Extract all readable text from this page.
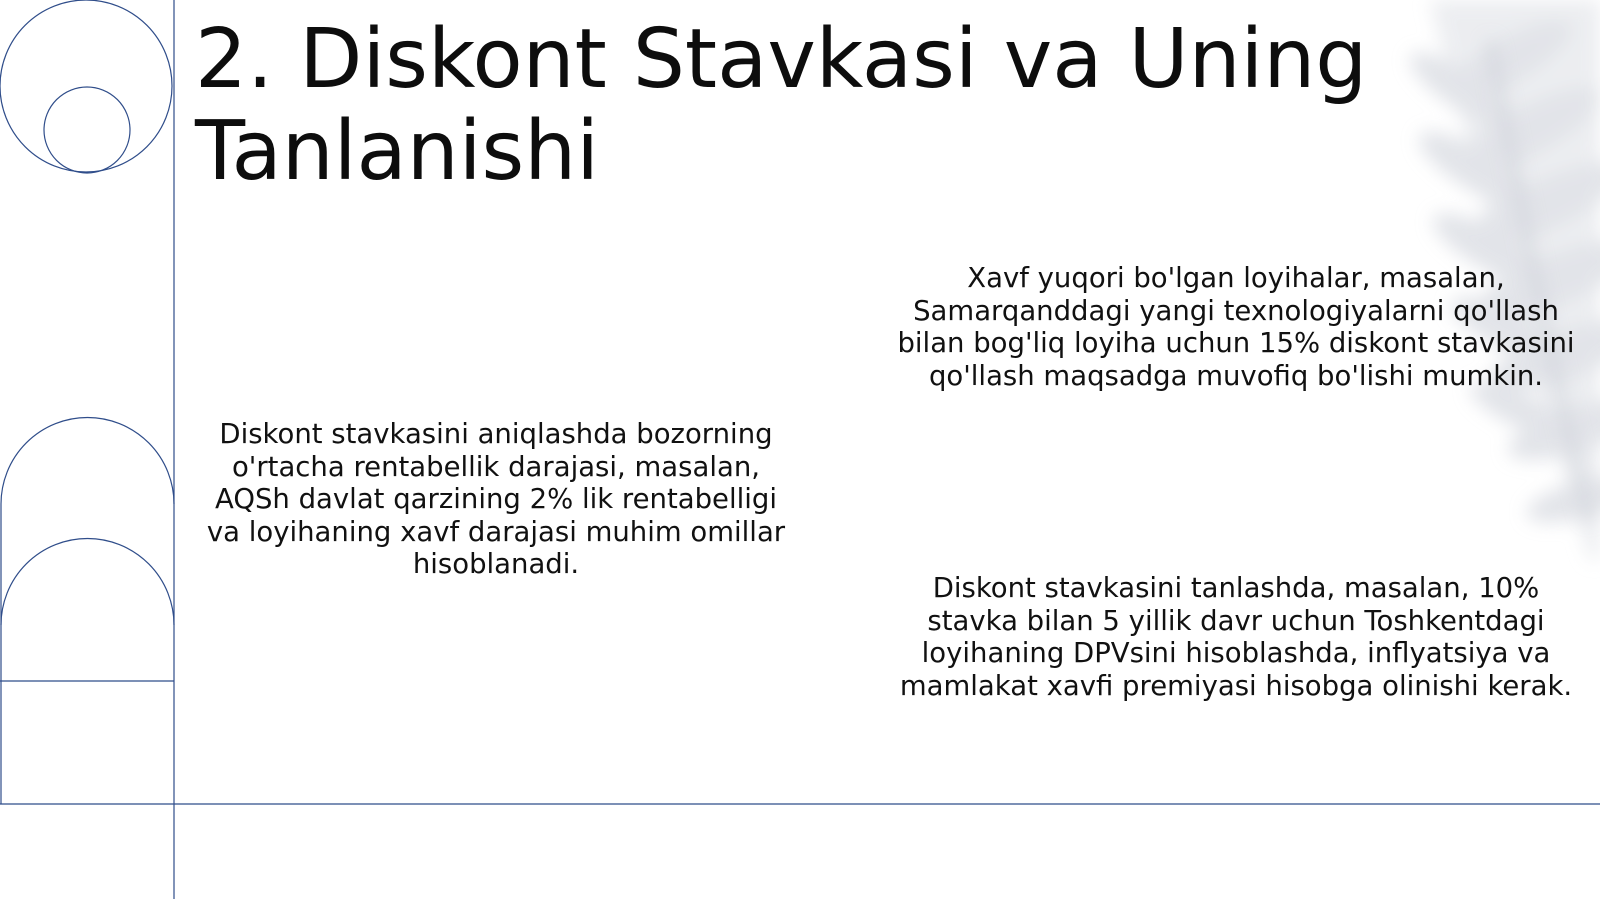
2. Diskont Stavkasi va Uning Tanlanishi

Diskont stavkasini aniqlashda bozorning o'rtacha rentabellik darajasi, masalan, AQSh davlat qarzining 2% lik rentabelligi va loyihaning xavf darajasi muhim omillar hisoblanadi.

Xavf yuqori bo'lgan loyihalar, masalan, Samarqanddagi yangi texnologiyalarni qo'llash bilan bog'liq loyiha uchun 15% diskont stavkasini qo'llash maqsadga muvofiq bo'lishi mumkin.

Diskont stavkasini tanlashda, masalan, 10% stavka bilan 5 yillik davr uchun Toshkentdagi loyihaning DPVsini hisoblashda, inflyatsiya va mamlakat xavfi premiyasi hisobga olinishi kerak.
